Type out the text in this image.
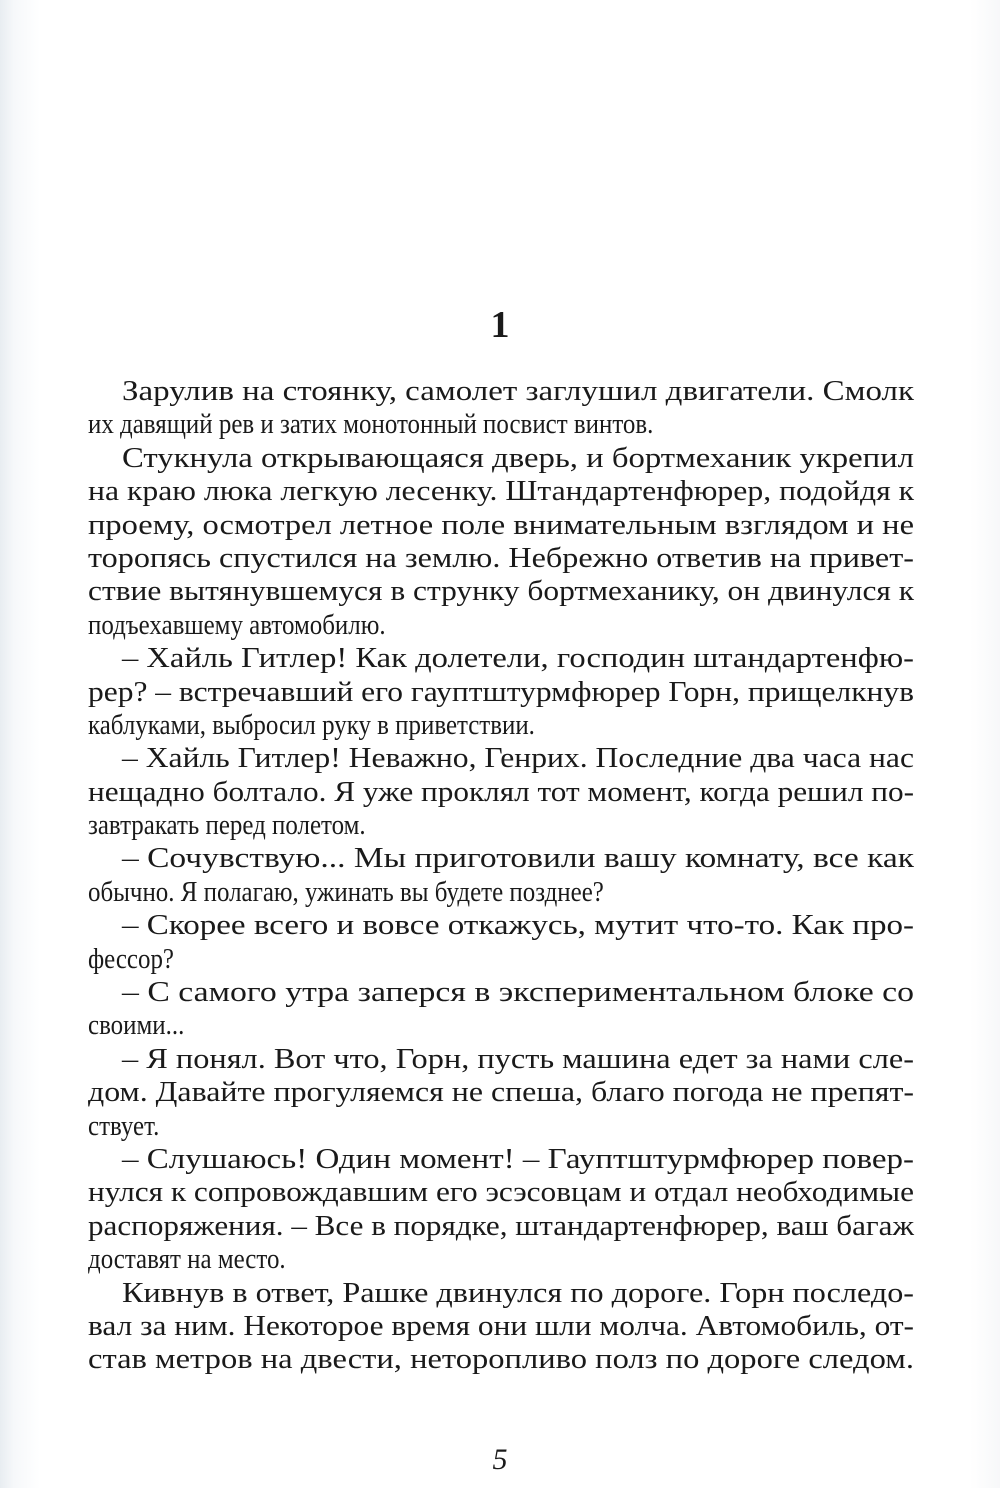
1
Зарулив на стоянку, самолет заглушил двигатели. Смолк
их давящий рев и затих монотонный посвист винтов.
Стукнула открывающаяся дверь, и бортмеханик укрепил
на краю люка легкую лесенку. Штандартенфюрер, подойдя к
проему, осмотрел летное поле внимательным взглядом и не
торопясь спустился на землю. Небрежно ответив на привет-
ствие вытянувшемуся в струнку бортмеханику, он двинулся к
подъехавшему автомобилю.
– Хайль Гитлер! Как долетели, господин штандартенфю-
рер? – встречавший его гауптштурмфюрер Горн, прищелкнув
каблуками, выбросил руку в приветствии.
– Хайль Гитлер! Неважно, Генрих. Последние два часа нас
нещадно болтало. Я уже проклял тот момент, когда решил по-
завтракать перед полетом.
– Сочувствую... Мы приготовили вашу комнату, все как
обычно. Я полагаю, ужинать вы будете позднее?
– Скорее всего и вовсе откажусь, мутит что-то. Как про-
фессор?
– С самого утра заперся в экспериментальном блоке со
своими...
– Я понял. Вот что, Горн, пусть машина едет за нами сле-
дом. Давайте прогуляемся не спеша, благо погода не препят-
ствует.
– Слушаюсь! Один момент! – Гауптштурмфюрер повер-
нулся к сопровождавшим его эсэсовцам и отдал необходимые
распоряжения. – Все в порядке, штандартенфюрер, ваш багаж
доставят на место.
Кивнув в ответ, Рашке двинулся по дороге. Горн последо-
вал за ним. Некоторое время они шли молча. Автомобиль, от-
став метров на двести, неторопливо полз по дороге следом.
5
